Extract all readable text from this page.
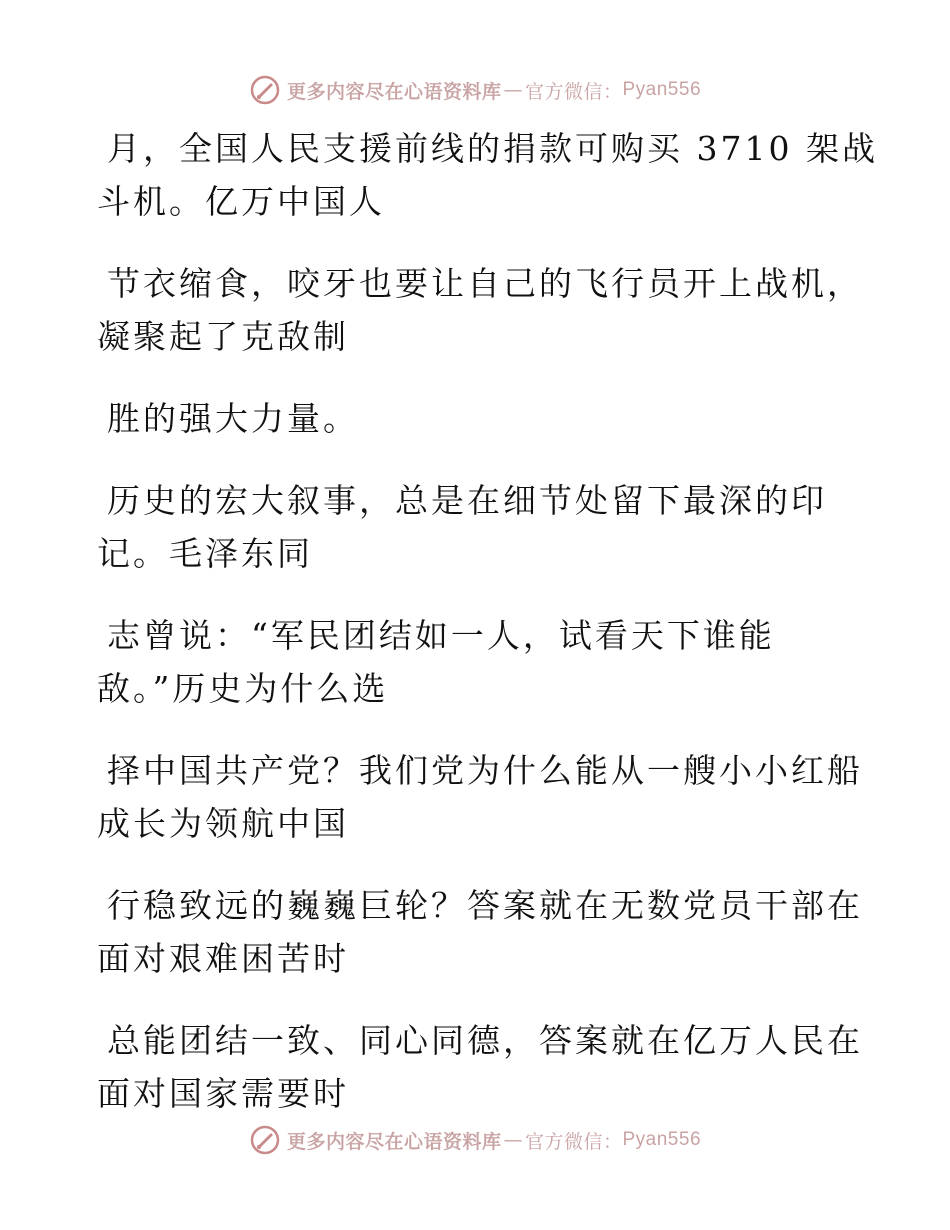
更多内容尽在心语资料库 — 官方微信： Pyan556
月，全国人民支援前线的捐款可购买 3710 架战
斗机。亿万中国人
节衣缩食，咬牙也要让自己的飞行员开上战机，
凝聚起了克敌制
胜的强大力量。
历史的宏大叙事，总是在细节处留下最深的印
记。毛泽东同
志曾说：“军民团结如一人，试看天下谁能
敌。”历史为什么选
择中国共产党？我们党为什么能从一艘小小红船
成长为领航中国
行稳致远的巍巍巨轮？答案就在无数党员干部在
面对艰难困苦时
总能团结一致、同心同德，答案就在亿万人民在
面对国家需要时
更多内容尽在心语资料库 — 官方微信： Pyan556
